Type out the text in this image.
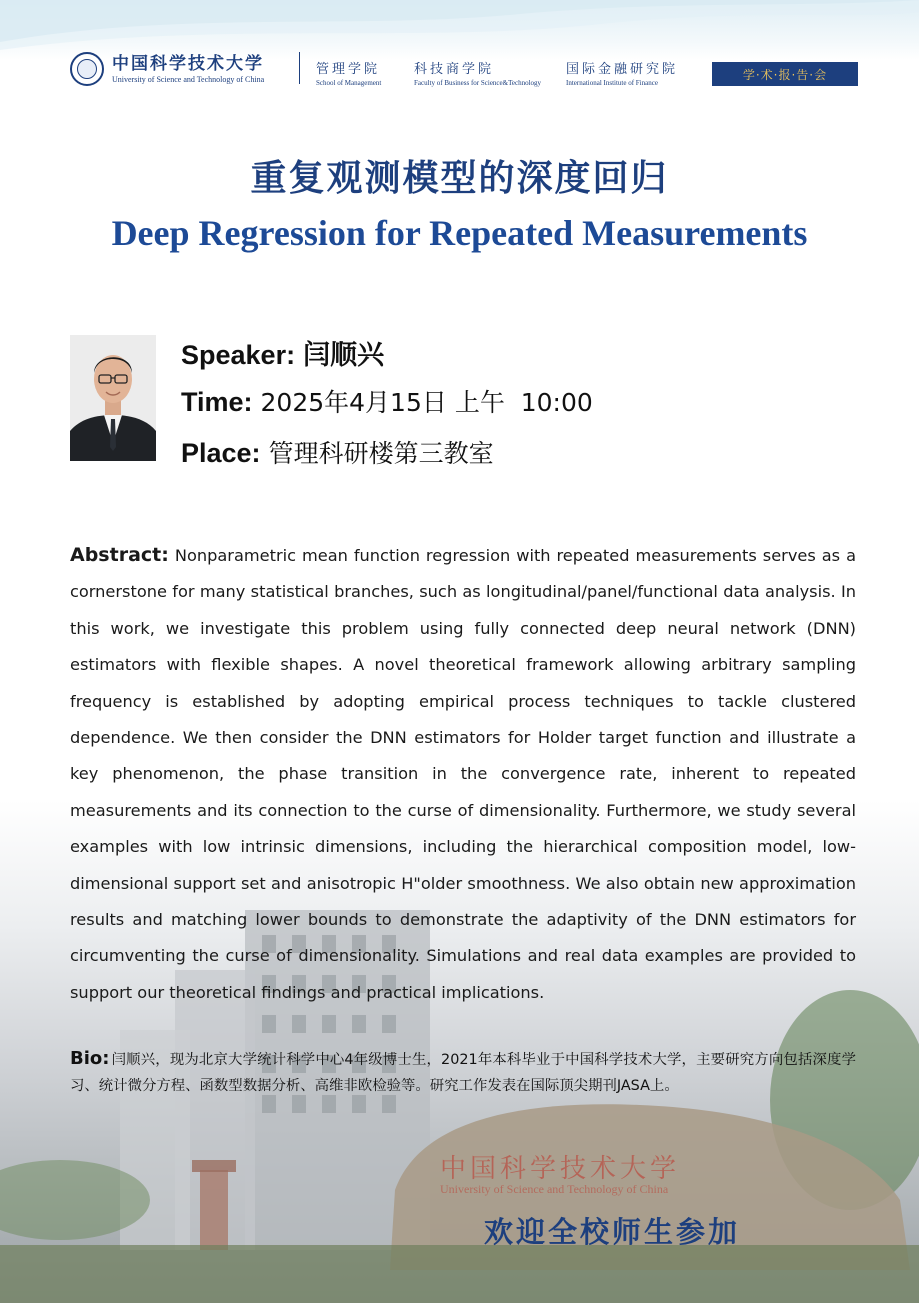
中国科学技术大学
University of Science and Technology of China
管理学院
School of Management
科技商学院
Faculty of Business for Science&Technology
国际金融研究院
International Institute of Finance
学·术·报·告·会
重复观测模型的深度回归
Deep Regression for Repeated Measurements
Speaker: 闫顺兴
Time: 2025年4月15日 上午  10:00
Place: 管理科研楼第三教室
Abstract: Nonparametric mean function regression with repeated measurements serves as a cornerstone for many statistical branches, such as longitudinal/panel/functional data analysis. In this work, we investigate this problem using fully connected deep neural network (DNN) estimators with flexible shapes. A novel theoretical framework allowing arbitrary sampling frequency is established by adopting empirical process techniques to tackle clustered dependence. We then consider the DNN estimators for Holder target function and illustrate a key phenomenon, the phase transition in the convergence rate, inherent to repeated measurements and its connection to the curse of dimensionality. Furthermore, we study several examples with low intrinsic dimensions, including the hierarchical composition model, low-dimensional support set and anisotropic H"older smoothness. We also obtain new approximation results and matching lower bounds to demonstrate the adaptivity of the DNN estimators for circumventing the curse of dimensionality. Simulations and real data examples are provided to support our theoretical findings and practical implications.
Bio: 闫顺兴，现为北京大学统计科学中心4年级博士生，2021年本科毕业于中国科学技术大学，主要研究方向包括深度学习、统计微分方程、函数型数据分析、高维非欧检验等。研究工作发表在国际顶尖期刊JASA上。
中国科学技术大学
University of Science and Technology of China
欢迎全校师生参加
